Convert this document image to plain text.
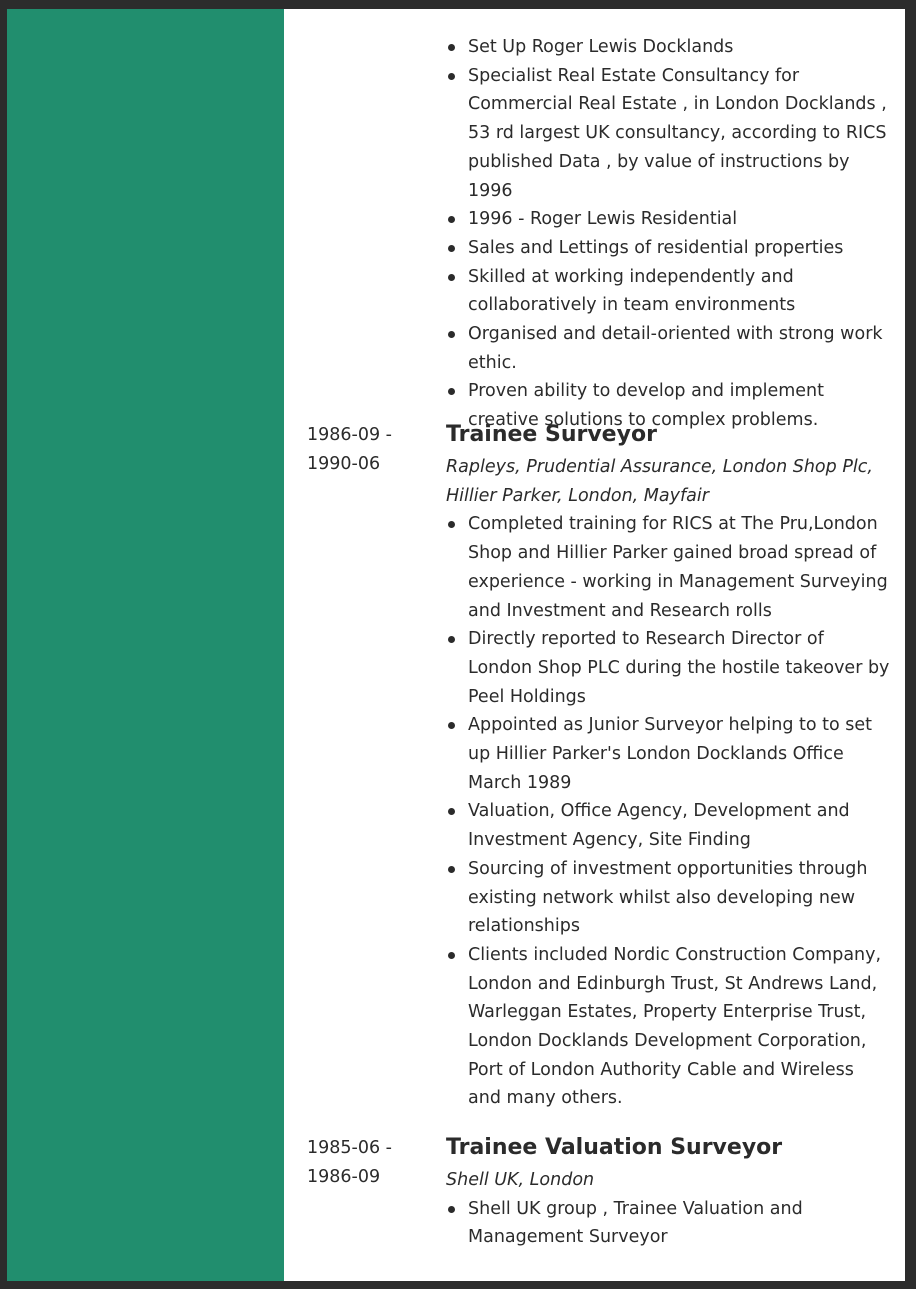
Set Up Roger Lewis Docklands
Specialist Real Estate Consultancy for Commercial Real Estate , in London Docklands , 53 rd largest UK consultancy, according to RICS published Data , by value of instructions by 1996
1996 - Roger Lewis Residential
Sales and Lettings of residential properties
Skilled at working independently and collaboratively in team environments
Organised and detail-oriented with strong work ethic.
Proven ability to develop and implement creative solutions to complex problems.
1986-09 -
1990-06
Trainee Surveyor
Rapleys, Prudential Assurance, London Shop Plc, Hillier Parker, London, Mayfair
Completed training for RICS at The Pru,London Shop and Hillier Parker gained broad spread of experience - working in Management Surveying and Investment and Research rolls
Directly reported to Research Director of London Shop PLC during the hostile takeover by Peel Holdings
Appointed as Junior Surveyor helping to to set up Hillier Parker's London Docklands Office March 1989
Valuation, Office Agency, Development and Investment Agency, Site Finding
Sourcing of investment opportunities through existing network whilst also developing new relationships
Clients included Nordic Construction Company, London and Edinburgh Trust, St Andrews Land, Warleggan Estates, Property Enterprise Trust, London Docklands Development Corporation, Port of London Authority Cable and Wireless and many others.
1985-06 -
1986-09
Trainee Valuation Surveyor
Shell UK, London
Shell UK group , Trainee Valuation and Management Surveyor
